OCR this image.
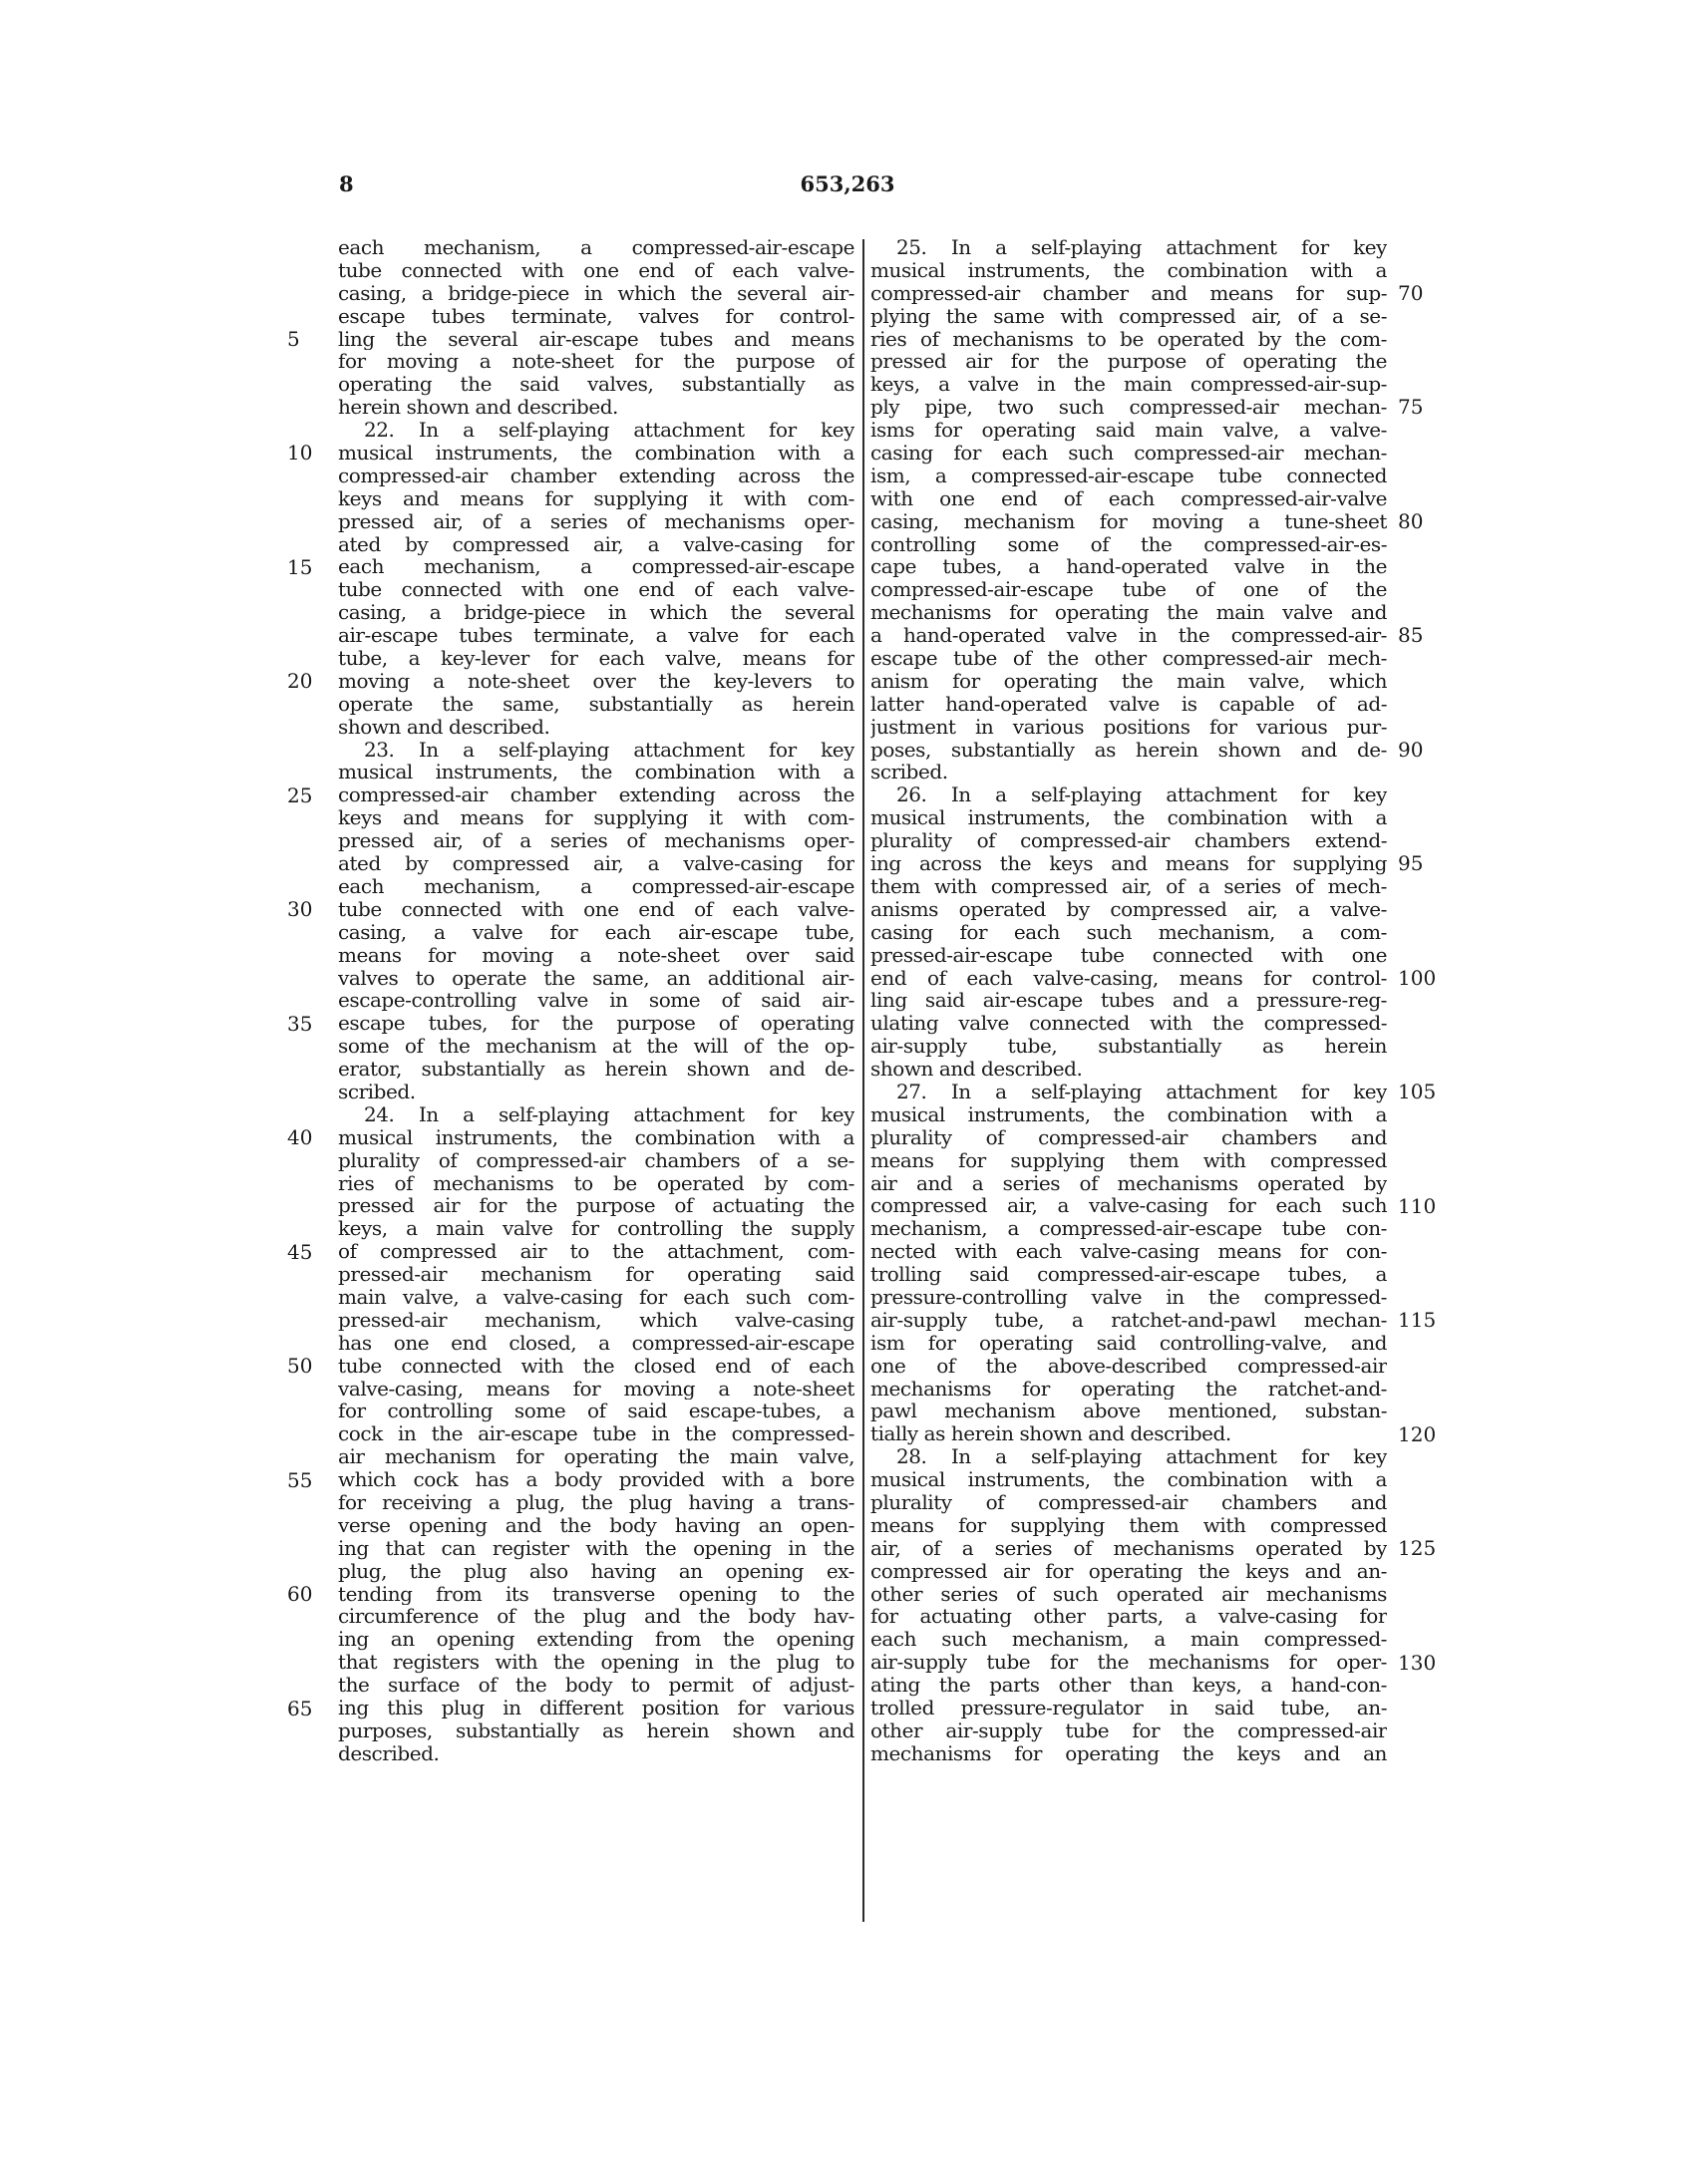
8	653,263
each mechanism, a compressed-air-escape
tube connected with one end of each valve-
casing, a bridge-piece in which the several air-
escape tubes terminate, valves for control-
ling the several air-escape tubes and means
for moving a note-sheet for the purpose of
operating the said valves, substantially as
herein shown and described.
22. In a self-playing attachment for key
musical instruments, the combination with a
compressed-air chamber extending across the
keys and means for supplying it with com-
pressed air, of a series of mechanisms oper-
ated by compressed air, a valve-casing for
each mechanism, a compressed-air-escape
tube connected with one end of each valve-
casing, a bridge-piece in which the several
air-escape tubes terminate, a valve for each
tube, a key-lever for each valve, means for
moving a note-sheet over the key-levers to
operate the same, substantially as herein
shown and described.
23. In a self-playing attachment for key
musical instruments, the combination with a
compressed-air chamber extending across the
keys and means for supplying it with com-
pressed air, of a series of mechanisms oper-
ated by compressed air, a valve-casing for
each mechanism, a compressed-air-escape
tube connected with one end of each valve-
casing, a valve for each air-escape tube,
means for moving a note-sheet over said
valves to operate the same, an additional air-
escape-controlling valve in some of said air-
escape tubes, for the purpose of operating
some of the mechanism at the will of the op-
erator, substantially as herein shown and de-
scribed.
24. In a self-playing attachment for key
musical instruments, the combination with a
plurality of compressed-air chambers of a se-
ries of mechanisms to be operated by com-
pressed air for the purpose of actuating the
keys, a main valve for controlling the supply
of compressed air to the attachment, com-
pressed-air mechanism for operating said
main valve, a valve-casing for each such com-
pressed-air mechanism, which valve-casing
has one end closed, a compressed-air-escape
tube connected with the closed end of each
valve-casing, means for moving a note-sheet
for controlling some of said escape-tubes, a
cock in the air-escape tube in the compressed-
air mechanism for operating the main valve,
which cock has a body provided with a bore
for receiving a plug, the plug having a trans-
verse opening and the body having an open-
ing that can register with the opening in the
plug, the plug also having an opening ex-
tending from its transverse opening to the
circumference of the plug and the body hav-
ing an opening extending from the opening
that registers with the opening in the plug to
the surface of the body to permit of adjust-
ing this plug in different position for various
purposes, substantially as herein shown and
described.
25. In a self-playing attachment for key
musical instruments, the combination with a
compressed-air chamber and means for sup-
plying the same with compressed air, of a se-
ries of mechanisms to be operated by the com-
pressed air for the purpose of operating the
keys, a valve in the main compressed-air-sup-
ply pipe, two such compressed-air mechan-
isms for operating said main valve, a valve-
casing for each such compressed-air mechan-
ism, a compressed-air-escape tube connected
with one end of each compressed-air-valve
casing, mechanism for moving a tune-sheet
controlling some of the compressed-air-es-
cape tubes, a hand-operated valve in the
compressed-air-escape tube of one of the
mechanisms for operating the main valve and
a hand-operated valve in the compressed-air-
escape tube of the other compressed-air mech-
anism for operating the main valve, which
latter hand-operated valve is capable of ad-
justment in various positions for various pur-
poses, substantially as herein shown and de-
scribed.
26. In a self-playing attachment for key
musical instruments, the combination with a
plurality of compressed-air chambers extend-
ing across the keys and means for supplying
them with compressed air, of a series of mech-
anisms operated by compressed air, a valve-
casing for each such mechanism, a com-
pressed-air-escape tube connected with one
end of each valve-casing, means for control-
ling said air-escape tubes and a pressure-reg-
ulating valve connected with the compressed-
air-supply tube, substantially as herein
shown and described.
27. In a self-playing attachment for key
musical instruments, the combination with a
plurality of compressed-air chambers and
means for supplying them with compressed
air and a series of mechanisms operated by
compressed air, a valve-casing for each such
mechanism, a compressed-air-escape tube con-
nected with each valve-casing means for con-
trolling said compressed-air-escape tubes, a
pressure-controlling valve in the compressed-
air-supply tube, a ratchet-and-pawl mechan-
ism for operating said controlling-valve, and
one of the above-described compressed-air
mechanisms for operating the ratchet-and-
pawl mechanism above mentioned, substan-
tially as herein shown and described.
28. In a self-playing attachment for key
musical instruments, the combination with a
plurality of compressed-air chambers and
means for supplying them with compressed
air, of a series of mechanisms operated by
compressed air for operating the keys and an-
other series of such operated air mechanisms
for actuating other parts, a valve-casing for
each such mechanism, a main compressed-
air-supply tube for the mechanisms for oper-
ating the parts other than keys, a hand-con-
trolled pressure-regulator in said tube, an-
other air-supply tube for the compressed-air
mechanisms for operating the keys and an
5
10
15
20
25
30
35
40
45
50
55
60
65
70
75
80
85
90
95
100
105
110
115
120
125
130
